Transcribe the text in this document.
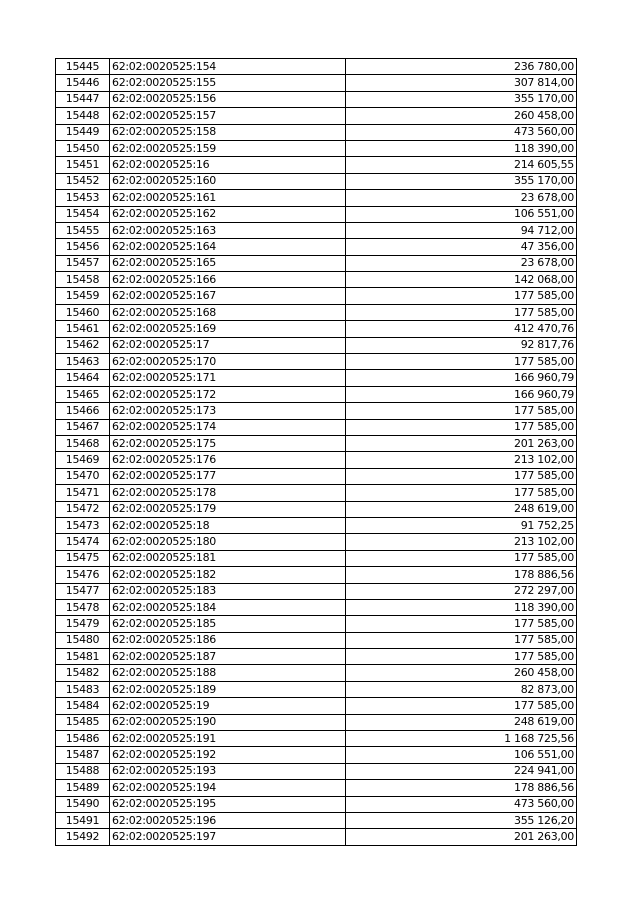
15445	62:02:0020525:154	236 780,00
15446	62:02:0020525:155	307 814,00
15447	62:02:0020525:156	355 170,00
15448	62:02:0020525:157	260 458,00
15449	62:02:0020525:158	473 560,00
15450	62:02:0020525:159	118 390,00
15451	62:02:0020525:16	214 605,55
15452	62:02:0020525:160	355 170,00
15453	62:02:0020525:161	23 678,00
15454	62:02:0020525:162	106 551,00
15455	62:02:0020525:163	94 712,00
15456	62:02:0020525:164	47 356,00
15457	62:02:0020525:165	23 678,00
15458	62:02:0020525:166	142 068,00
15459	62:02:0020525:167	177 585,00
15460	62:02:0020525:168	177 585,00
15461	62:02:0020525:169	412 470,76
15462	62:02:0020525:17	92 817,76
15463	62:02:0020525:170	177 585,00
15464	62:02:0020525:171	166 960,79
15465	62:02:0020525:172	166 960,79
15466	62:02:0020525:173	177 585,00
15467	62:02:0020525:174	177 585,00
15468	62:02:0020525:175	201 263,00
15469	62:02:0020525:176	213 102,00
15470	62:02:0020525:177	177 585,00
15471	62:02:0020525:178	177 585,00
15472	62:02:0020525:179	248 619,00
15473	62:02:0020525:18	91 752,25
15474	62:02:0020525:180	213 102,00
15475	62:02:0020525:181	177 585,00
15476	62:02:0020525:182	178 886,56
15477	62:02:0020525:183	272 297,00
15478	62:02:0020525:184	118 390,00
15479	62:02:0020525:185	177 585,00
15480	62:02:0020525:186	177 585,00
15481	62:02:0020525:187	177 585,00
15482	62:02:0020525:188	260 458,00
15483	62:02:0020525:189	82 873,00
15484	62:02:0020525:19	177 585,00
15485	62:02:0020525:190	248 619,00
15486	62:02:0020525:191	1 168 725,56
15487	62:02:0020525:192	106 551,00
15488	62:02:0020525:193	224 941,00
15489	62:02:0020525:194	178 886,56
15490	62:02:0020525:195	473 560,00
15491	62:02:0020525:196	355 126,20
15492	62:02:0020525:197	201 263,00
